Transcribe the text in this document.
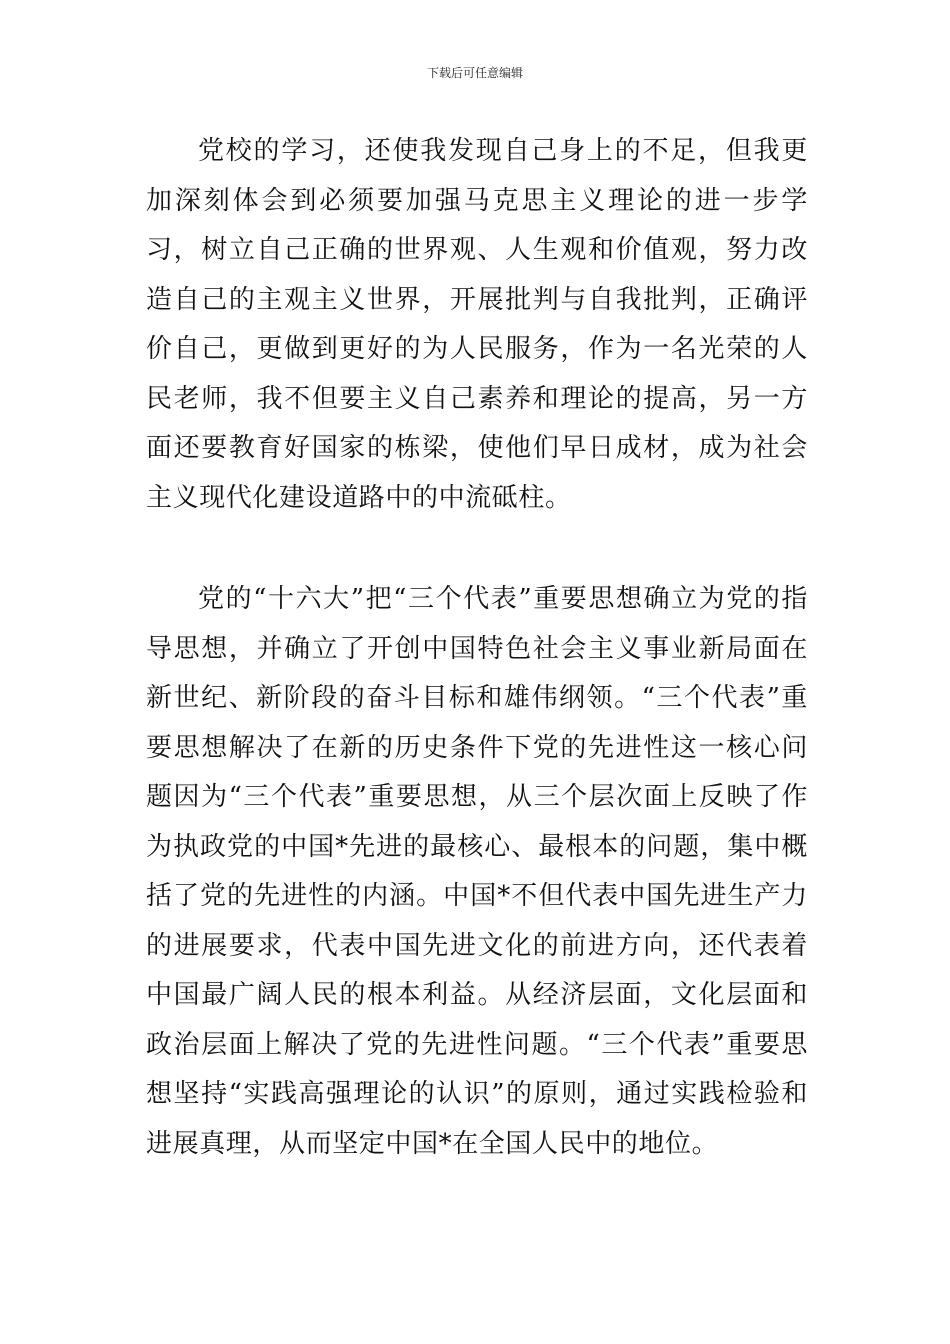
下载后可任意编辑

党校的学习，还使我发现自己身上的不足，但我更加深刻体会到必须要加强马克思主义理论的进一步学习，树立自己正确的世界观、人生观和价值观，努力改造自己的主观主义世界，开展批判与自我批判，正确评价自己，更做到更好的为人民服务，作为一名光荣的人民老师，我不但要主义自己素养和理论的提高，另一方面还要教育好国家的栋梁，使他们早日成材，成为社会主义现代化建设道路中的中流砥柱。

党的“十六大”把“三个代表”重要思想确立为党的指导思想，并确立了开创中国特色社会主义事业新局面在新世纪、新阶段的奋斗目标和雄伟纲领。“三个代表”重要思想解决了在新的历史条件下党的先进性这一核心问题因为“三个代表”重要思想，从三个层次面上反映了作为执政党的中国*先进的最核心、最根本的问题，集中概括了党的先进性的内涵。中国*不但代表中国先进生产力的进展要求，代表中国先进文化的前进方向，还代表着中国最广阔人民的根本利益。从经济层面，文化层面和政治层面上解决了党的先进性问题。“三个代表”重要思想坚持“实践高强理论的认识”的原则，通过实践检验和进展真理，从而坚定中国*在全国人民中的地位。
